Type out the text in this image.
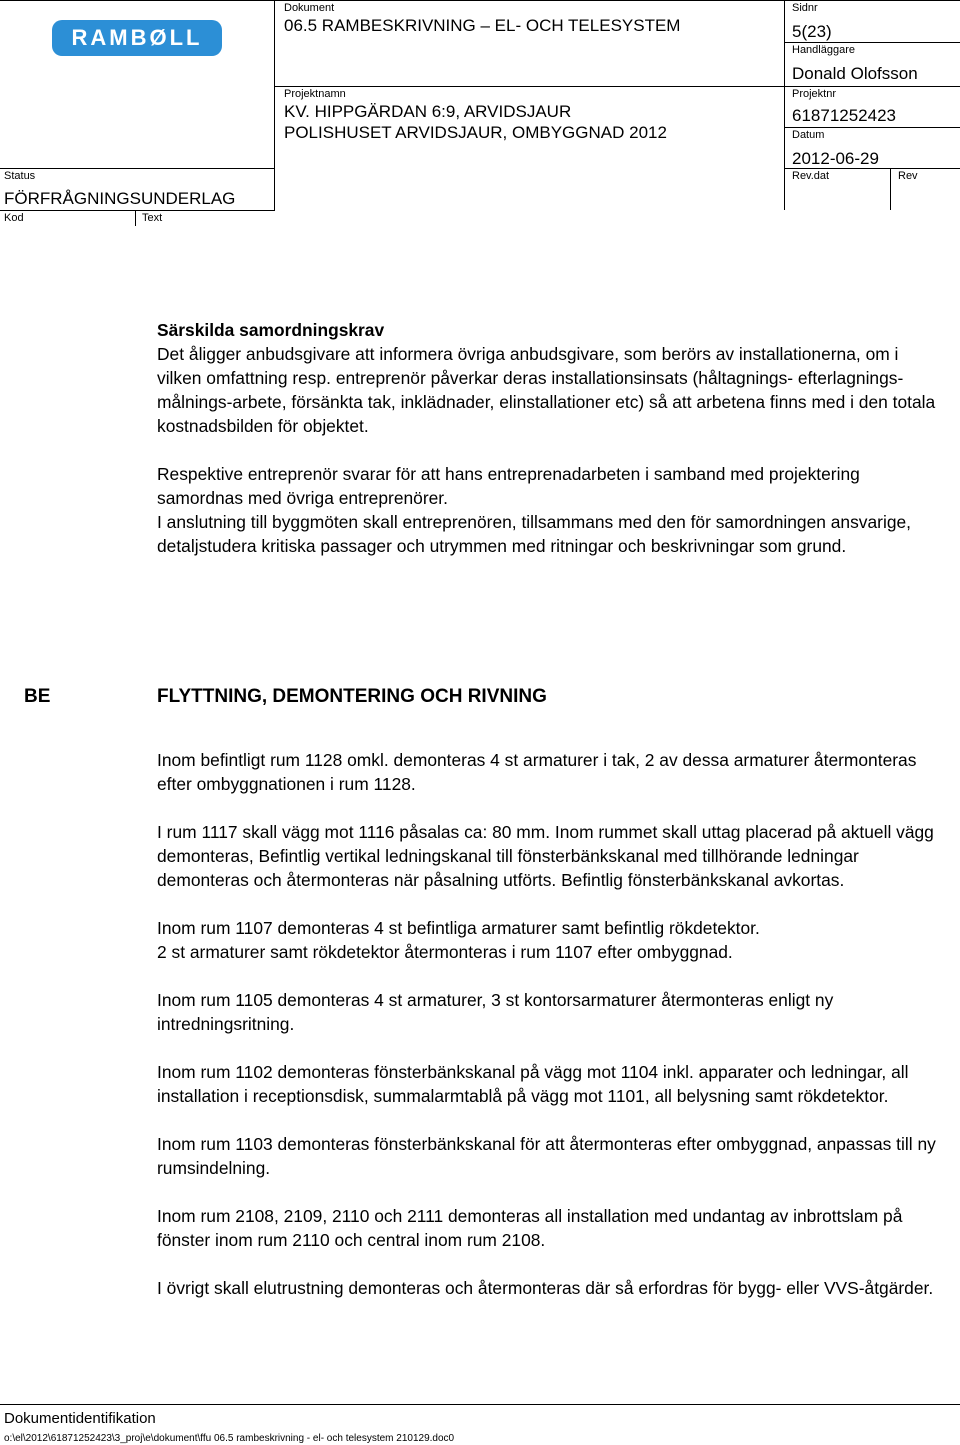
RAMBØLL
Dokument
06.5 RAMBESKRIVNING – EL- OCH TELESYSTEM
Sidnr
5(23)
Handläggare
Donald Olofsson
Projektnamn
KV. HIPPGÄRDAN 6:9, ARVIDSJAUR
POLISHUSET ARVIDSJAUR, OMBYGGNAD 2012
Projektnr
61871252423
Datum
2012-06-29
Status
FÖRFRÅGNINGSUNDERLAG
Rev.dat	Rev
Kod	Text

Särskilda samordningskrav

Det åligger anbudsgivare att informera övriga anbudsgivare, som berörs av installationerna, om i vilken omfattning resp. entreprenör påverkar deras installationsinsats (håltagnings- efterlagnings- målnings-arbete, försänkta tak, inklädnader, elinstallationer etc) så att arbetena finns med i den totala kostnadsbilden för objektet.

Respektive entreprenör svarar för att hans entreprenadarbeten i samband med projektering samordnas med övriga entreprenörer.

I anslutning till byggmöten skall entreprenören, tillsammans med den för samordningen ansvarige, detaljstudera kritiska passager och utrymmen med ritningar och beskrivningar som grund.

BE	FLYTTNING, DEMONTERING OCH RIVNING

Inom befintligt rum 1128 omkl. demonteras 4 st armaturer i tak, 2 av dessa armaturer återmonteras efter ombyggnationen i rum 1128.

I rum 1117 skall vägg mot 1116 påsalas ca: 80 mm. Inom rummet skall uttag placerad på aktuell vägg demonteras, Befintlig vertikal ledningskanal till fönsterbänkskanal med tillhörande ledningar demonteras och återmonteras när påsalning utförts. Befintlig fönsterbänkskanal avkortas.

Inom rum 1107 demonteras 4 st befintliga armaturer samt befintlig rökdetektor.

2 st armaturer samt rökdetektor återmonteras i rum 1107 efter ombyggnad.

Inom rum 1105 demonteras 4 st armaturer, 3 st kontorsarmaturer återmonteras enligt ny intredningsritning.

Inom rum 1102 demonteras fönsterbänkskanal på vägg mot 1104 inkl. apparater och ledningar, all installation i receptionsdisk, summalarmtablå på vägg mot 1101, all belysning samt rökdetektor.

Inom rum 1103 demonteras fönsterbänkskanal för att återmonteras efter ombyggnad, anpassas till ny rumsindelning.

Inom rum 2108, 2109, 2110 och 2111 demonteras all installation med undantag av inbrottslam på fönster inom rum 2110 och central inom rum 2108.

I övrigt skall elutrustning demonteras och återmonteras där så erfordras för bygg- eller VVS-åtgärder.

Dokumentidentifikation
o:\el\2012\61871252423\3_proj\e\dokument\ffu 06.5 rambeskrivning - el- och telesystem 210129.doc0
